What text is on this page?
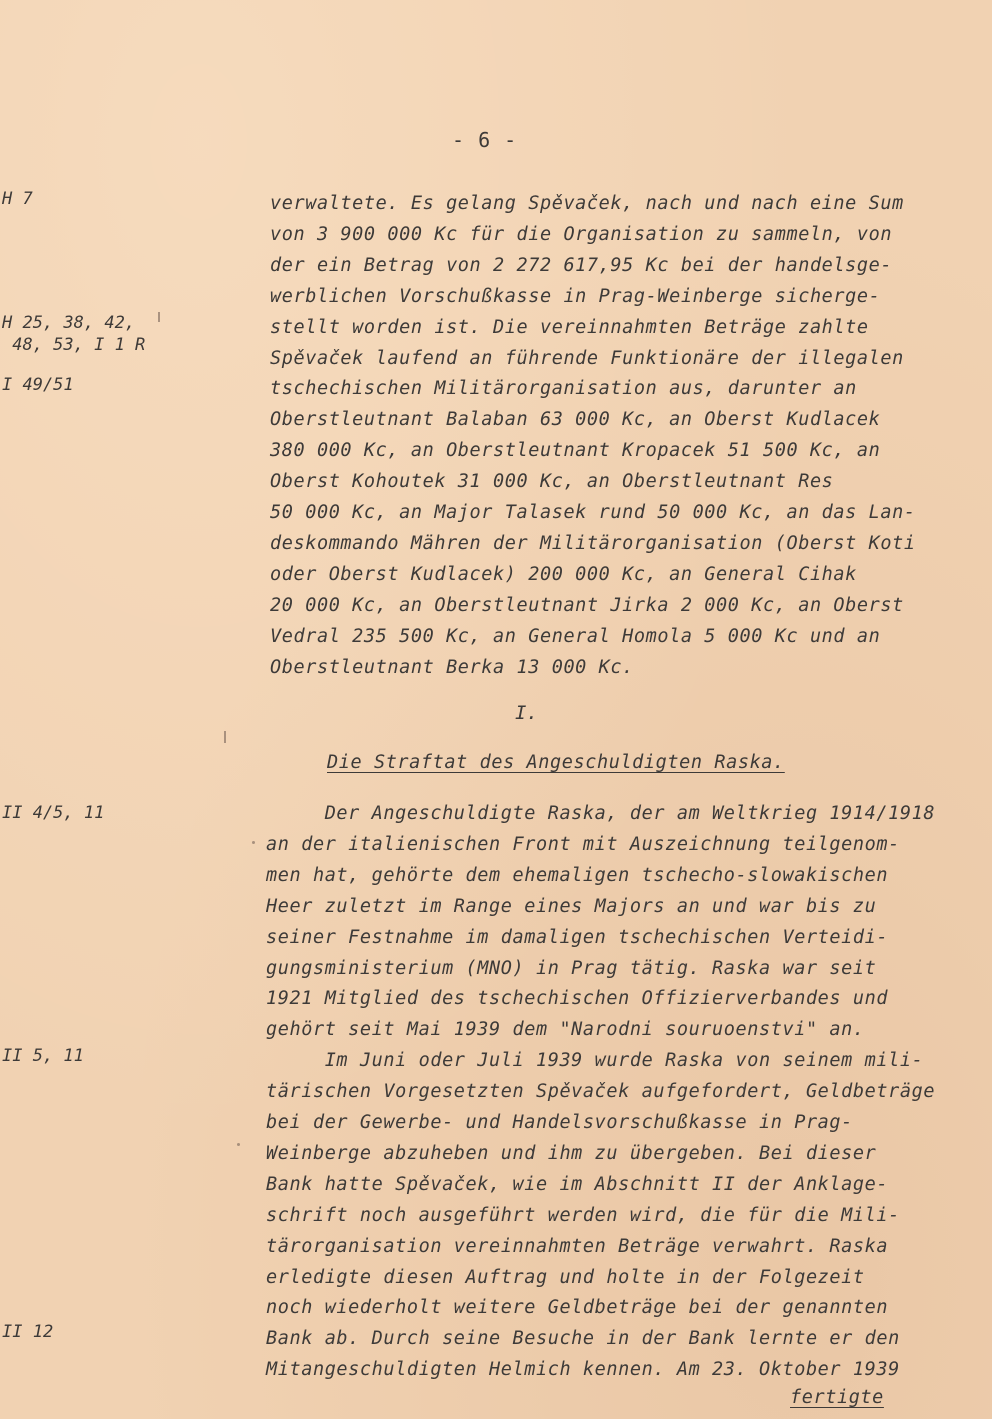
- 6 -
H 7
H 25, 38, 42,
48, 53, I 1 R
I 49/51
II 4/5, 11
II 5, 11
II 12
verwaltete. Es gelang Spěvaček, nach und nach eine Sum
von 3 900 000 Kc für die Organisation zu sammeln, von
der ein Betrag von 2 272 617,95 Kc bei der handelsge-
werblichen Vorschußkasse in Prag-Weinberge sicherge-
stellt worden ist. Die vereinnahmten Beträge zahlte
Spěvaček laufend an führende Funktionäre der illegalen
tschechischen Militärorganisation aus, darunter an
Oberstleutnant Balaban 63 000 Kc, an Oberst Kudlacek
380 000 Kc, an Oberstleutnant Kropacek 51 500 Kc, an
Oberst Kohoutek 31 000 Kc, an Oberstleutnant Res
50 000 Kc, an Major Talasek rund 50 000 Kc, an das Lan-
deskommando Mähren der Militärorganisation (Oberst Koti
oder Oberst Kudlacek) 200 000 Kc, an General Cihak
20 000 Kc, an Oberstleutnant Jirka 2 000 Kc, an Oberst
Vedral 235 500 Kc, an General Homola 5 000 Kc und an
Oberstleutnant Berka 13 000 Kc.
I.
Die Straftat des Angeschuldigten Raska.
Der Angeschuldigte Raska, der am Weltkrieg 1914/1918
an der italienischen Front mit Auszeichnung teilgenom-
men hat, gehörte dem ehemaligen tschecho-slowakischen
Heer zuletzt im Range eines Majors an und war bis zu
seiner Festnahme im damaligen tschechischen Verteidi-
gungsministerium (MNO) in Prag tätig. Raska war seit
1921 Mitglied des tschechischen Offizierverbandes und
gehört seit Mai 1939 dem "Narodni souruoenstvi" an.
Im Juni oder Juli 1939 wurde Raska von seinem mili-
tärischen Vorgesetzten Spěvaček aufgefordert, Geldbeträge
bei der Gewerbe- und Handelsvorschußkasse in Prag-
Weinberge abzuheben und ihm zu übergeben. Bei dieser
Bank hatte Spěvaček, wie im Abschnitt II der Anklage-
schrift noch ausgeführt werden wird, die für die Mili-
tärorganisation vereinnahmten Beträge verwahrt. Raska
erledigte diesen Auftrag und holte in der Folgezeit
noch wiederholt weitere Geldbeträge bei der genannten
Bank ab. Durch seine Besuche in der Bank lernte er den
Mitangeschuldigten Helmich kennen. Am 23. Oktober 1939
fertigte
